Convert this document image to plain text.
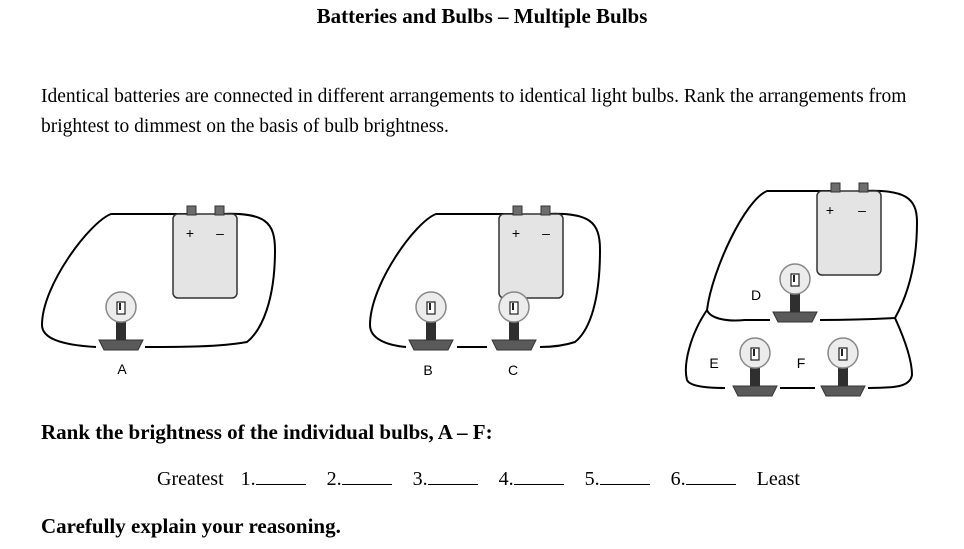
Batteries and Bulbs – Multiple Bulbs
Identical batteries are connected in different arrangements to identical light bulbs. Rank the arrangements from brightest to dimmest on the basis of bulb brightness.
+ –
A
+ –
B	C
+ –
D
E	F
Rank the brightness of the individual bulbs, A – F:
Greatest 1.	2.	3.	4.	5.	6.	Least
Carefully explain your reasoning.
